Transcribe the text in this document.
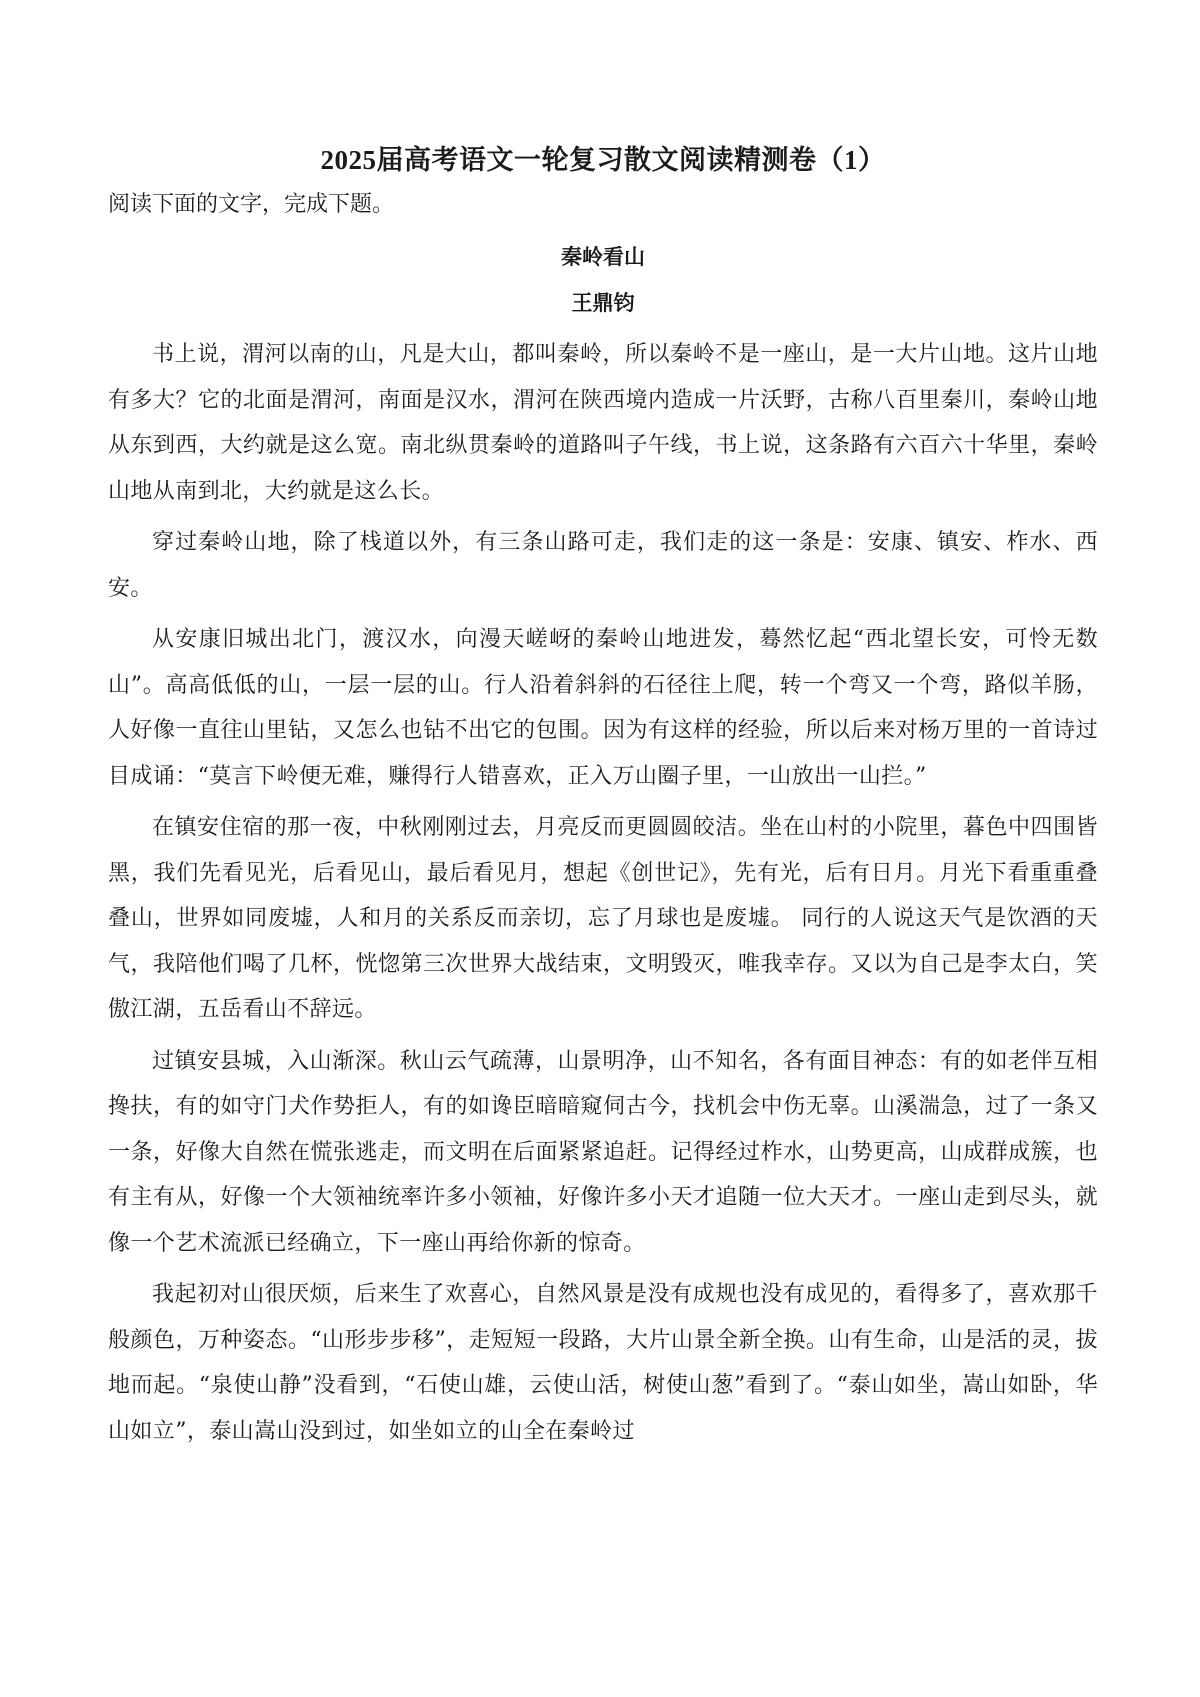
2025届高考语文一轮复习散文阅读精测卷（1）

阅读下面的文字，完成下题。

秦岭看山
王鼎钧

书上说，渭河以南的山，凡是大山，都叫秦岭，所以秦岭不是一座山，是一大片山地。这片山地有多大？它的北面是渭河，南面是汉水，渭河在陕西境内造成一片沃野，古称八百里秦川，秦岭山地从东到西，大约就是这么宽。南北纵贯秦岭的道路叫子午线，书上说，这条路有六百六十华里，秦岭山地从南到北，大约就是这么长。

穿过秦岭山地，除了栈道以外，有三条山路可走，我们走的这一条是：安康、镇安、柞水、西安。

从安康旧城出北门，渡汉水，向漫天嵯岈的秦岭山地进发，蓦然忆起“西北望长安，可怜无数山”。高高低低的山，一层一层的山。行人沿着斜斜的石径往上爬，转一个弯又一个弯，路似羊肠，人好像一直往山里钻，又怎么也钻不出它的包围。因为有这样的经验，所以后来对杨万里的一首诗过目成诵：“莫言下岭便无难，赚得行人错喜欢，正入万山圈子里，一山放出一山拦。”

在镇安住宿的那一夜，中秋刚刚过去，月亮反而更圆圆皎洁。坐在山村的小院里，暮色中四围皆黑，我们先看见光，后看见山，最后看见月，想起《创世记》，先有光，后有日月。月光下看重重叠叠山，世界如同废墟，人和月的关系反而亲切，忘了月球也是废墟。 同行的人说这天气是饮酒的天气，我陪他们喝了几杯，恍惚第三次世界大战结束，文明毁灭，唯我幸存。又以为自己是李太白，笑傲江湖，五岳看山不辞远。

过镇安县城，入山渐深。秋山云气疏薄，山景明净，山不知名，各有面目神态：有的如老伴互相搀扶，有的如守门犬作势拒人，有的如谗臣暗暗窥伺古今，找机会中伤无辜。山溪湍急，过了一条又一条，好像大自然在慌张逃走，而文明在后面紧紧追赶。记得经过柞水，山势更高，山成群成簇，也有主有从，好像一个大领袖统率许多小领袖，好像许多小天才追随一位大天才。一座山走到尽头，就像一个艺术流派已经确立，下一座山再给你新的惊奇。

我起初对山很厌烦，后来生了欢喜心，自然风景是没有成规也没有成见的，看得多了，喜欢那千般颜色，万种姿态。“山形步步移”，走短短一段路，大片山景全新全换。山有生命，山是活的灵，拔地而起。“泉使山静”没看到，“石使山雄，云使山活，树使山葱”看到了。“泰山如坐，嵩山如卧，华山如立”，泰山嵩山没到过，如坐如立的山全在秦岭过
